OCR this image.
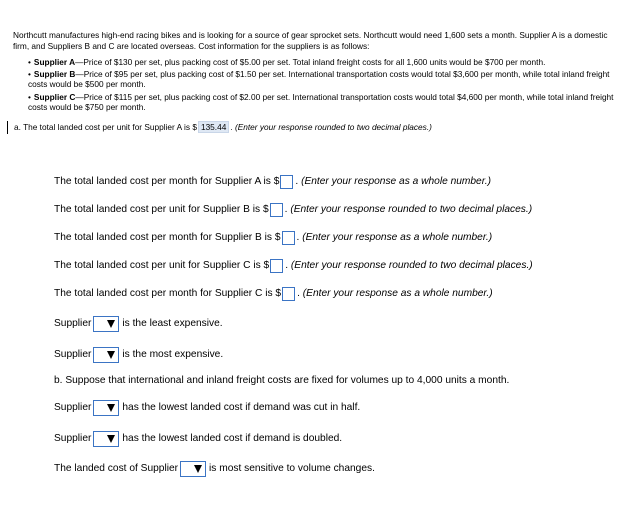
Northcutt manufactures high-end racing bikes and is looking for a source of gear sprocket sets. Northcutt would need 1,600 sets a month. Supplier A is a domestic firm, and Suppliers B and C are located overseas. Cost information for the suppliers is as follows:
• Supplier A—Price of $130 per set, plus packing cost of $5.00 per set. Total inland freight costs for all 1,600 units would be $700 per month.
• Supplier B—Price of $95 per set, plus packing cost of $1.50 per set. International transportation costs would total $3,600 per month, while total inland freight costs would be $500 per month.
• Supplier C—Price of $115 per set, plus packing cost of $2.00 per set. International transportation costs would total $4,600 per month, while total inland freight costs would be $750 per month.
a. The total landed cost per unit for Supplier A is $ 135.44 . (Enter your response rounded to two decimal places.)
The total landed cost per month for Supplier A is $ .
(Enter your response as a whole number.)
The total landed cost per unit for Supplier B is $ .
(Enter your response rounded to two decimal places.)
The total landed cost per month for Supplier B is $ .
(Enter your response as a whole number.)
The total landed cost per unit for Supplier C is $ .
(Enter your response rounded to two decimal places.)
The total landed cost per month for Supplier C is $ .
(Enter your response as a whole number.)
Supplier	is the least expensive.
Supplier	is the most expensive.
b. Suppose that international and inland freight costs are fixed for volumes up to 4,000 units a month.
Supplier	has the lowest landed cost if demand was cut in half.
Supplier	has the lowest landed cost if demand is doubled.
The landed cost of Supplier	is most sensitive to volume changes.
